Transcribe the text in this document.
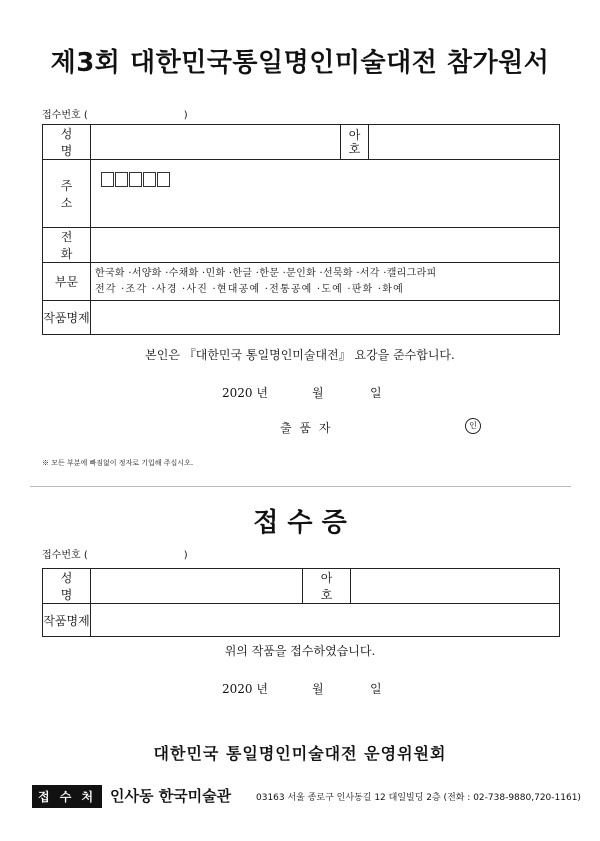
제3회 대한민국통일명인미술대전 참가원서
접수번호 (	)
성 명		아
호	
주 소			
전 화			
부문	한국화 ·서양화 ·수채화 ·민화 ·한글 ·한문 ·문인화 ·선묵화 ·서각 ·캘리그라피
전각 ·조각 ·사경 ·사진 ·현대공예 ·전통공예 ·도예 ·판화 ·화예		

작품명제			
본인은 『대한민국 통일명인미술대전』 요강을 준수합니다.
2020 년	월	일
출 품 자	인
※ 모든 부분에 빠짐없이 정자로 기입해 주십시오.
접 수 증
접수번호 (	)
성 명		아 호	
작품명제			
위의 작품을 접수하였습니다.
2020 년	월	일
대한민국 통일명인미술대전 운영위원회
접 수 처 인사동 한국미술관	03163 서울 종로구 인사동길 12 대일빌딩 2층 (전화 : 02-738-9880,720-1161)
